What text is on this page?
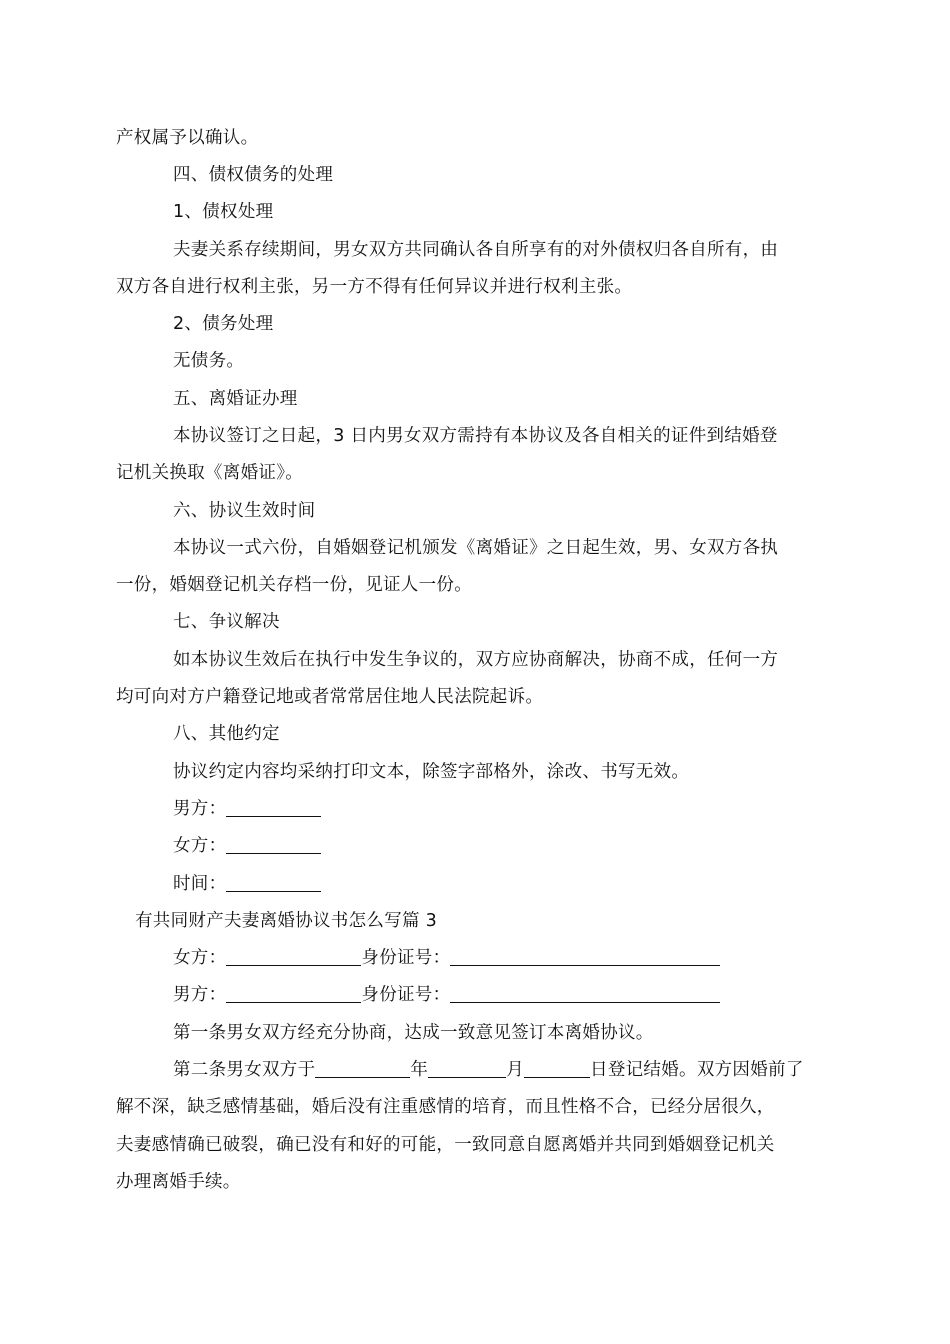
产权属予以确认。
四、债权债务的处理
1、债权处理
夫妻关系存续期间，男女双方共同确认各自所享有的对外债权归各自所有，由
双方各自进行权利主张，另一方不得有任何异议并进行权利主张。
2、债务处理
无债务。
五、离婚证办理
本协议签订之日起，3 日内男女双方需持有本协议及各自相关的证件到结婚登
记机关换取《离婚证》。
六、协议生效时间
本协议一式六份，自婚姻登记机颁发《离婚证》之日起生效，男、女双方各执
一份，婚姻登记机关存档一份，见证人一份。
七、争议解决
如本协议生效后在执行中发生争议的，双方应协商解决，协商不成，任何一方
均可向对方户籍登记地或者常常居住地人民法院起诉。
八、其他约定
协议约定内容均采纳打印文本，除签字部格外，涂改、书写无效。
男方：
女方：
时间：
有共同财产夫妻离婚协议书怎么写篇 3
女方：	身份证号：
男方：	身份证号：
第一条男女双方经充分协商，达成一致意见签订本离婚协议。
第二条男女双方于	年	月	日登记结婚。双方因婚前了
解不深，缺乏感情基础，婚后没有注重感情的培育，而且性格不合，已经分居很久，
夫妻感情确已破裂，确已没有和好的可能，一致同意自愿离婚并共同到婚姻登记机关
办理离婚手续。
